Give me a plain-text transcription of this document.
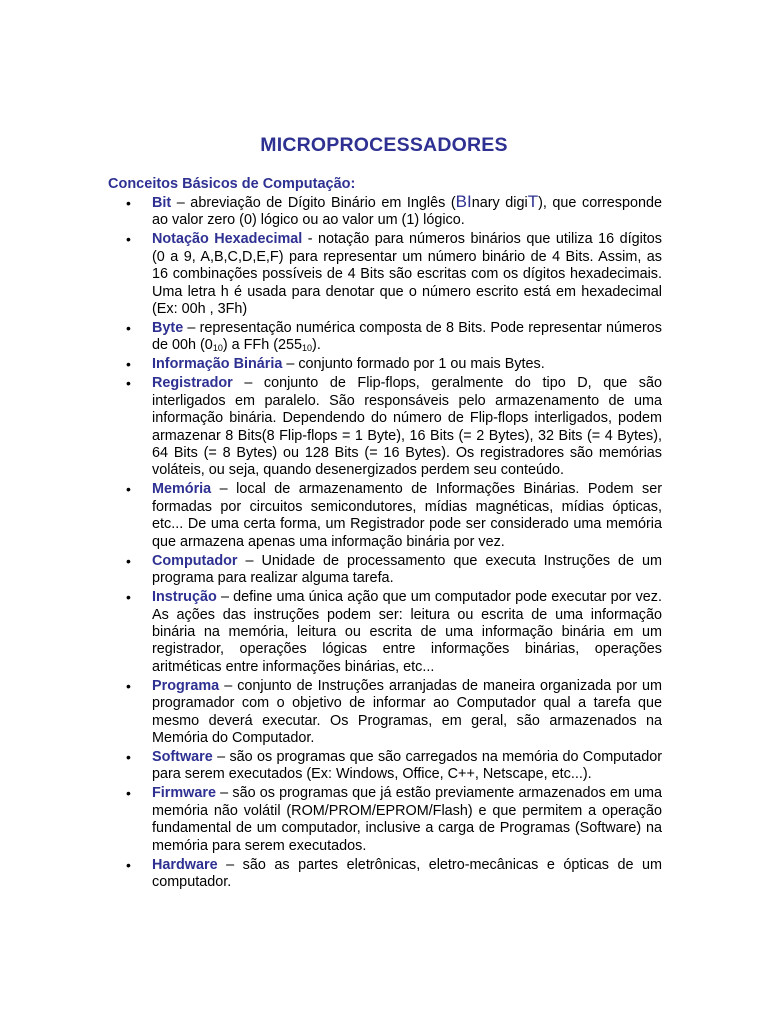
MICROPROCESSADORES
Conceitos Básicos de Computação:
• Bit – abreviação de Dígito Binário em Inglês (BInary digiT), que corresponde ao valor zero (0) lógico ou ao valor um (1) lógico.
• Notação Hexadecimal - notação para números binários que utiliza 16 dígitos (0 a 9, A,B,C,D,E,F) para representar um número binário de 4 Bits. Assim, as 16 combinações possíveis de 4 Bits são escritas com os dígitos hexadecimais. Uma letra h é usada para denotar que o número escrito está em hexadecimal (Ex: 00h , 3Fh)
• Byte – representação numérica composta de 8 Bits. Pode representar números de 00h $(0_{10})$ a FFh $(255_{10})$.
• Informação Binária – conjunto formado por 1 ou mais Bytes.
• Registrador – conjunto de Flip-flops, geralmente do tipo D, que são interligados em paralelo. São responsáveis pelo armazenamento de uma informação binária. Dependendo do número de Flip-flops interligados, podem armazenar 8 Bits(8 Flip-flops = 1 Byte), 16 Bits (= 2 Bytes), 32 Bits (= 4 Bytes), 64 Bits (= 8 Bytes) ou 128 Bits (= 16 Bytes). Os registradores são memórias voláteis, ou seja, quando desenergizados perdem seu conteúdo.
• Memória – local de armazenamento de Informações Binárias. Podem ser formadas por circuitos semicondutores, mídias magnéticas, mídias ópticas, etc... De uma certa forma, um Registrador pode ser considerado uma memória que armazena apenas uma informação binária por vez.
• Computador – Unidade de processamento que executa Instruções de um programa para realizar alguma tarefa.
• Instrução – define uma única ação que um computador pode executar por vez. As ações das instruções podem ser: leitura ou escrita de uma informação binária na memória, leitura ou escrita de uma informação binária em um registrador, operações lógicas entre informações binárias, operações aritméticas entre informações binárias, etc...
• Programa – conjunto de Instruções arranjadas de maneira organizada por um programador com o objetivo de informar ao Computador qual a tarefa que mesmo deverá executar. Os Programas, em geral, são armazenados na Memória do Computador.
• Software – são os programas que são carregados na memória do Computador para serem executados (Ex: Windows, Office, C++, Netscape, etc...).
• Firmware – são os programas que já estão previamente armazenados em uma memória não volátil (ROM/PROM/EPROM/Flash) e que permitem a operação fundamental de um computador, inclusive a carga de Programas (Software) na memória para serem executados.
• Hardware – são as partes eletrônicas, eletro-mecânicas e ópticas de um computador.
